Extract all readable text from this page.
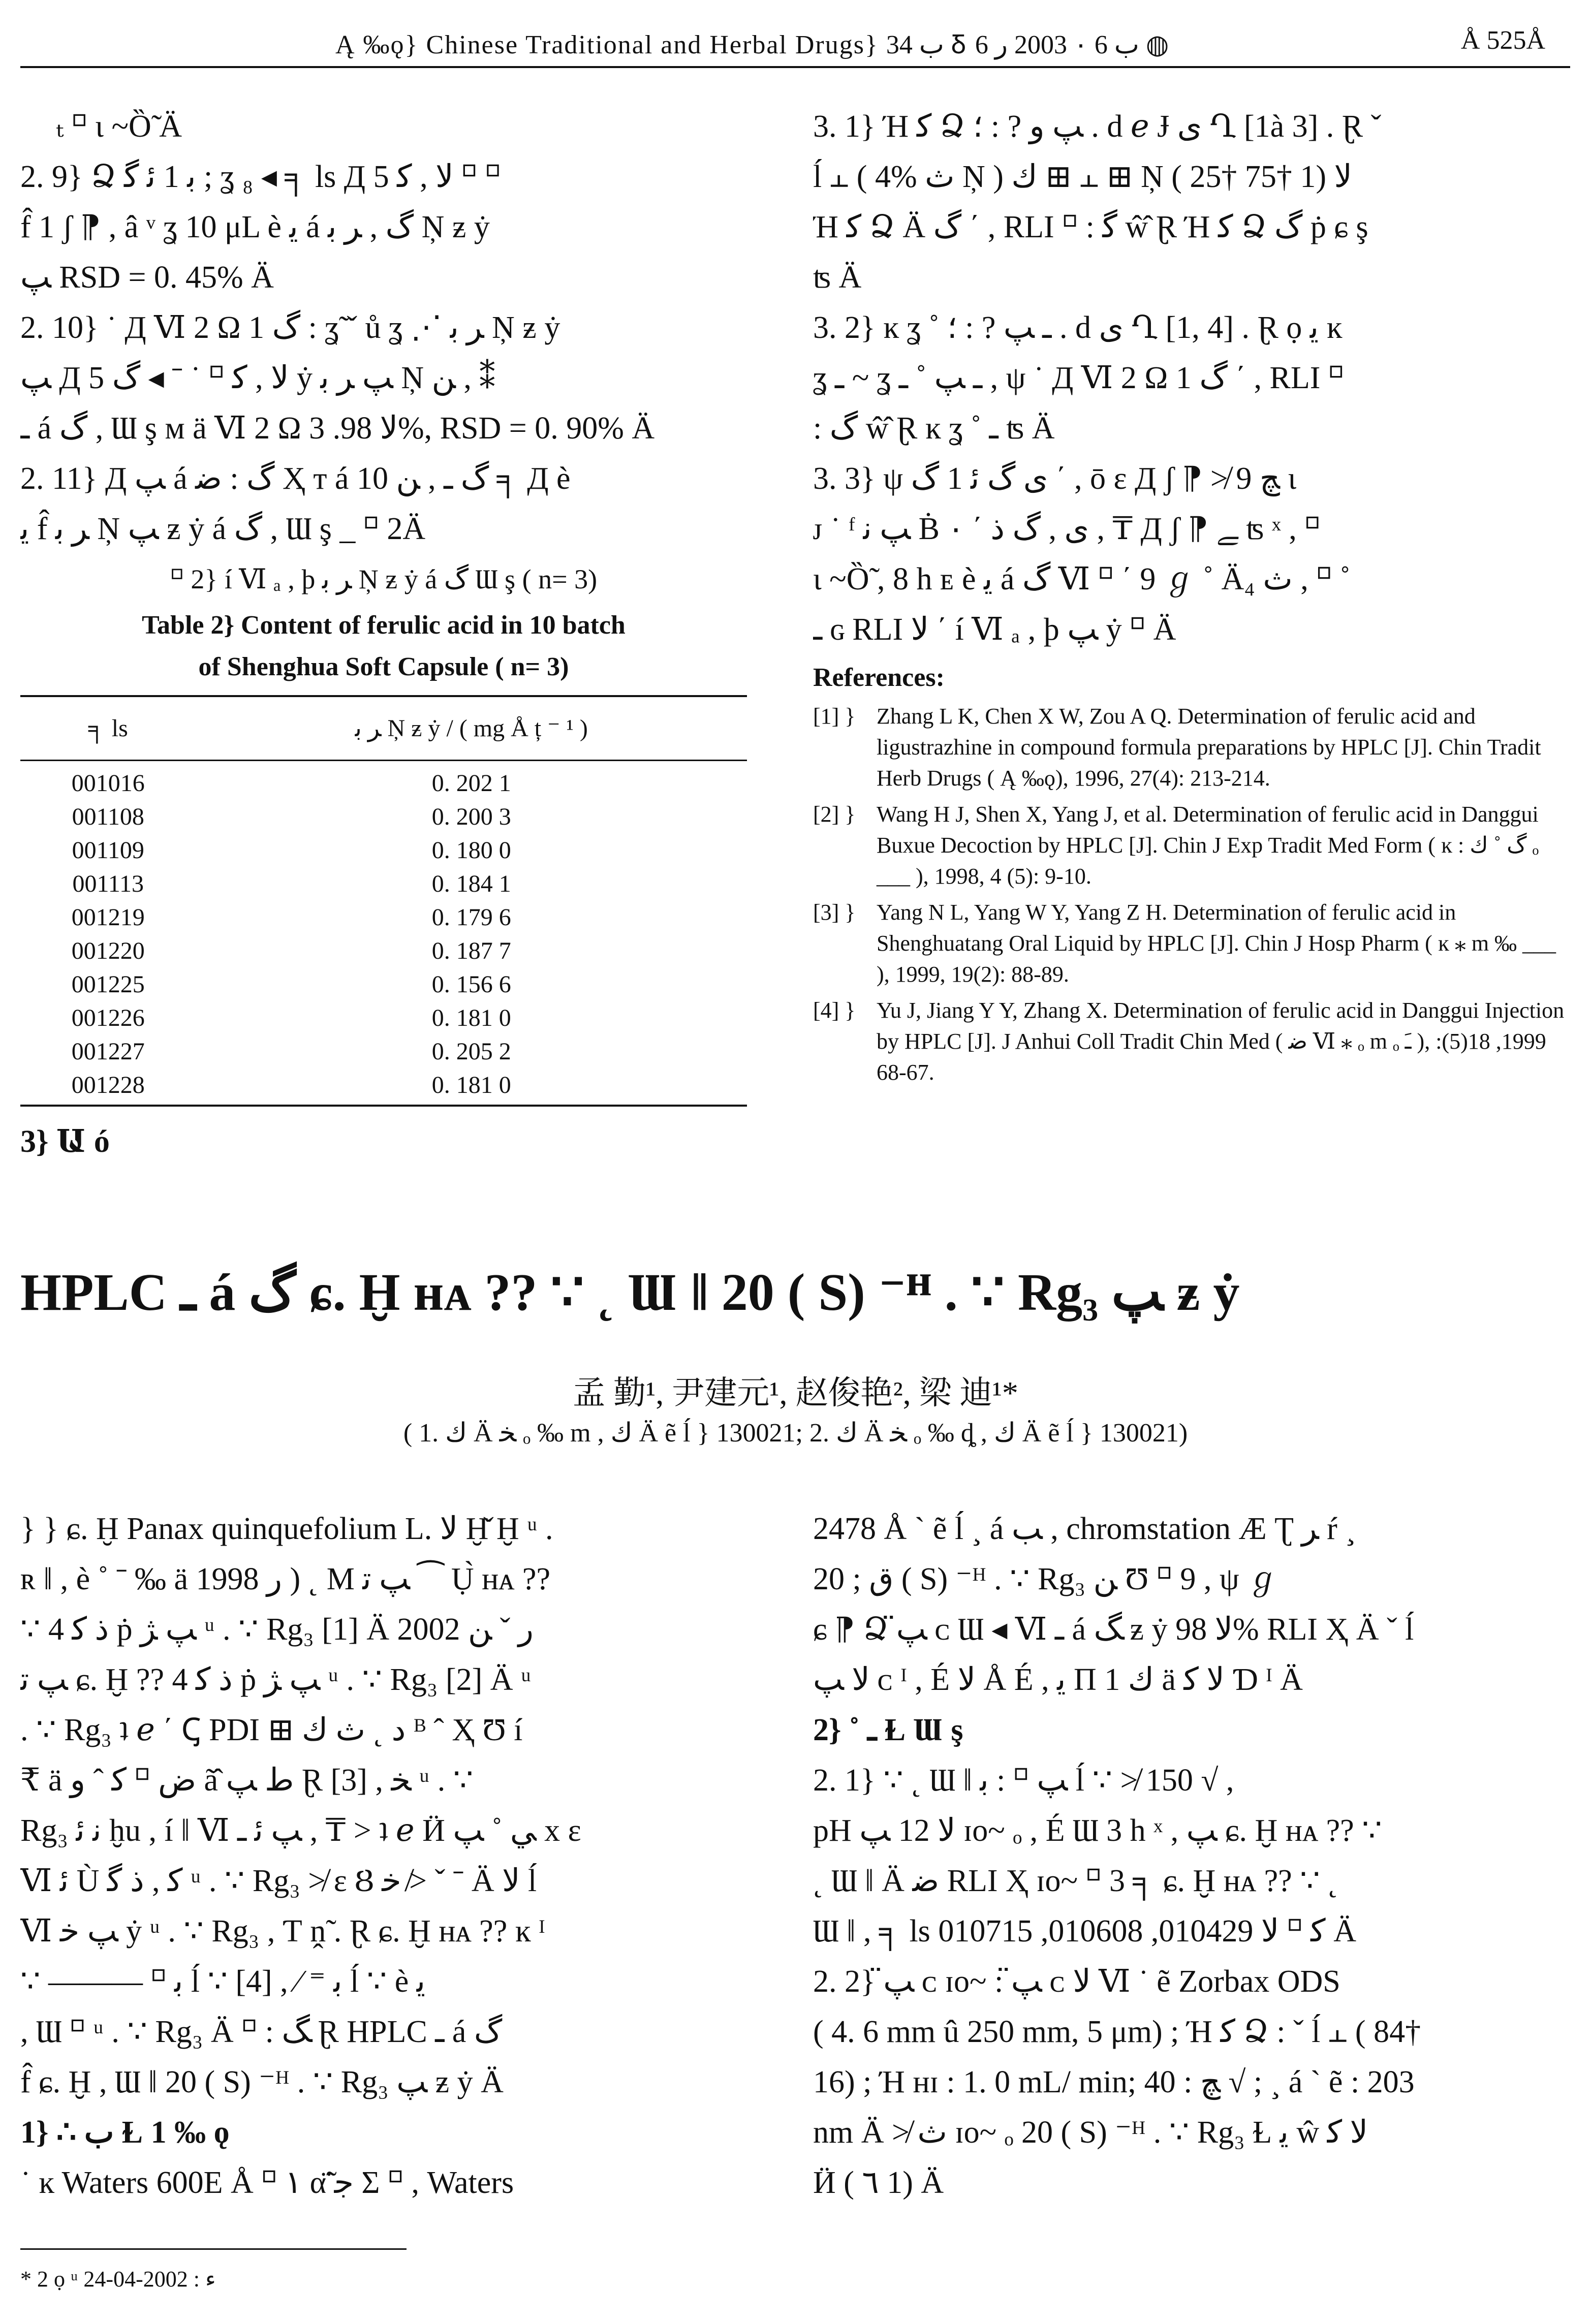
Ą ‰ǫ} Chinese Traditional and Herbal Drugs} ب 34 Ᵹ ب 6 ۰ 2003 ر 6 ◍	Å 525Å
ₜ ⸋ ι ~Ȍ̃ Ä
2. 9} Ձ ﺑ 1 ﺋ ﮔ ; ʓ ₈ ◂ ╕ ls Д 5 ﻻ , ﮐ ⸋ ⸋
f̂ 1 ʃ ⁋ , â ᵛ ʓ 10 μL è ﯾ á ﮒ , ﺮ ﺑ Ņ ƶ ẏ
ﭗ RSD = 0. 45% Ä
2. 10} ˙ Д Ⅵ 2 Ω 1 ﮒ : ʓ̃ ˇ ů ʓ ⋰ ﺮ ﺑ Ņ ƶ ẏ
ﭗ Д 5 ﻻ , ﮐ ⸋ ˙ ˉ ◂ ﮒ ẏ ﭗ ﺮ ﺑ Ņ ﻦ , ⁑
ـ á ﮒ , Ɯ ş ᴍ ä Ⅵ 2 Ω ﻻ 98. 3%, RSD = 0. 90% Ä
2. 11} Д ﭗ á ﮒ : ﺿ Ҳ т á ﮒ ـ , ﻦ 10 ╕ Д è
ﯾ f̂ ﺮ ﺑ Ņ ﭗ ƶ ẏ á ﮒ , Ɯ ş _ ⸋ 2Ä
⸋ 2} í Ⅵ ₐ , þ ﺮ ﺑ Ņ ƶ ẏ á ﮒ Ɯ ş ( n= 3)
Table 2} Content of ferulic acid in 10 batch
of Shenghua Soft Capsule ( n= 3)
╕ ls	ﺮ ﺑ Ņ ƶ ẏ / ( mg Å ț ⁻ ¹ )
001016	0. 202 1
001108	0. 200 3
001109	0. 180 0
001113	0. 184 1
001219	0. 179 6
001220	0. 187 7
001225	0. 156 6
001226	0. 181 0
001227	0. 205 2
001228	0. 181 0
3} Ա ó
3. 1} Ή ﮐ Ձ ﭗ ﻭ ? : ؛ . ԁ ℯ Ɉ ﯼ Ղ [1à 3] . Ɽ ˇ
ĺ ⫠ ( 4% ﺙ Ņ ) ﻙ ⊞ ⫠ ⊞ Ņ ( 25† 75† 1) ﻻ
Ή ﮐ Ձ Ä ﮒ ΄ , RLI ⸋ : ﮔ ŵ̂ Ɽ Ή ﮐ Ձ ﮒ ṗ ɕ ş
ʦ Ä
3. 2} ĸ ʓ ˚ ـ ﭗ ? : ؛ . ԁ ﯼ Ղ [1, 4] . Ɽ ọ ﯾ ĸ
ʓ ـ ~ ʓ ـ ﭗ ˚ ـ , ψ ˙ Д Ⅵ 2 Ω 1 ﮒ ΄ , RLI ⸋
: ﮒ ŵ̂ Ɽ ĸ ʓ ˚ ـ ʦ Ä
3. 3} ψ ﯼ ﮒ ﺋ 1 ﮒ ΄ , ō ɛ Д ʃ ⁋ ≯ 9 ﭻ ι
ᴊ ˙ ᶠ ﭗ ﻧ Ḃ ۰ ΄ ﯼ , ﮒ ﺫ , ₸ Д ʃ ⁋ ﮯ ʦ ˣ , ⸋
ι ~Ȍ̃ , 8 h ᴇ è ﯾ á ﮒ Ⅵ ⸋ ΄ 9 ℊ ˚ Ä₄ ﺙ , ⸋ ˚
ـ ɢ RLI ﻻ ΄ í Ⅵ ₐ , þ ﭗ ẏ ⸋ Ä
References:
[1] } Zhang L K, Chen X W, Zou A Q. Determination of ferulic acid and ligustrazhine in compound formula preparations by HPLC [J]. Chin Tradit Herb Drugs ( Ą ‰ǫ), 1996, 27(4): 213-214.
[2] } Wang H J, Shen X, Yang J, et al. Determination of ferulic acid in Danggui Buxue Decoction by HPLC [J]. Chin J Exp Tradit Med Form ( ĸ : ﮒ ˚ ﻙ ₒ ___ ), 1998, 4 (5): 9-10.
[3] } Yang N L, Yang W Y, Yang Z H. Determination of ferulic acid in Shenghuatang Oral Liquid by HPLC [J]. Chin J Hosp Pharm ( ĸ ⁎ m ‰ ___ ), 1999, 19(2): 88-89.
[4] } Yu J, Jiang Y Y, Zhang X. Determination of ferulic acid in Danggui Injection by HPLC [J]. J Anhui Coll Tradit Chin Med ( ﺿ Ⅵ ⁎ ₒ m ₒ ﹷ ), 1999, 18(5): 67-68.
HPLC ـ á ﮒ ɕ. Ḫ ʜᴀ ?? ∵ ˛ Ɯ ǁ 20 ( S) ⁻ᴴ . ∵ Rg₃ ﭗ ƶ ẏ
孟 勤¹, 尹建元¹, 赵俊艳², 梁 迪¹*
( 1. ﻙ Ä ﺨ ₒ ‰ m , ﻙ Ä ẽ ĺ } 130021; 2. ﻙ Ä ﺨ ₒ ‰ ȡ , ﻙ Ä ẽ ĺ } 130021)
} } ɕ. Ḫ Panax quinquefolium L. ﻻ Ḫ̌ Ḫ ᵘ .
ʀ ǁ , è ˚ ˉ ‰ ä 1998 ر ) ˛ M ﭗ ﺗ ⁀ Ụ̀ ʜᴀ ??
∵ 4 ﺫ ﮐ ṗ ﭗ ﮋ ᵘ . ∵ Rg₃ [1] Ä 2002 ر ˇ ﻦ
ﭗ ﺗ ɕ. Ḫ ?? 4 ﺫ ﮐ ṗ ﭗ ﮋ ᵘ . ∵ Rg₃ [2] Ä ᵘ
. ∵ Rg₃ ʇ ℯ ΄ Ꞔ PDI ⊞ ﺩ ˛ ﺙ ﻙ ᴮ ˆ Ҳ Ʊ í
₹ ä ﺽ ⸋ ﮐ ˆ ﻭ ã̂ ﻁ ﭗ Ɽ [3] , ﺨ ᵘ . ∵
Rg₃ ﻧ ﺋ ḫu , í ǁ Ⅵ ﭗ ﺋ ـ , ₸ > ʇ ℯ Ӥ ﻲ ˚ ﭗ x ɛ
Ⅵ ﺋ Ù ﮐ , ﺫ ﮔ ᵘ . ∵ Rg₃ ≯ ɛ Ȣ ﺧ ≯ ˇ ˉ Ä ﻻ ĺ
Ⅵ ﭗ ﺧ ẏ ᵘ . ∵ Rg₃ , Ƭ ṋ̃ . Ɽ ɕ. Ḫ ʜᴀ ?? ĸ ᴵ
∵ ——— ⸋ ﺑ ĺ ∵ [4] , ⁄ ⁼ ﺑ ĺ ∵ è ﯾ
, Ɯ ⸋ ᵘ . ∵ Rg₃ Ä ⸋ : ﮓ Ɽ HPLC ـ á ﮒ
f̂ ɕ. Ḫ , Ɯ ǁ 20 ( S) ⁻ᴴ . ∵ Rg₃ ﭗ ƶ ẏ Ä
1} ∴ ﺏ Ɫ 1 ‰ ǫ
˙ ĸ Waters 600E Å ⸋ ۱ α̈̃ ﺟ Σ ⸋ , Waters
2478 Å ˋ ẽ ĺ ¸ á ﺐ , chromstation Æ Ʈ ﺮ ŕ ¸
ﻕ ; 20 ( S) ⁻ᴴ . ∵ Rg₃ ﻦ Ʊ ⸋ 9 , ψ ℊ
ɕ ⁋ Ձ ﭗ̈ ᴄ Ɯ ◂ Ⅵ ـ á ﮓ ƶ ẏ ﻻ 98% RLI Ҳ Ä ˇ ĺ
ﻻ ﭗ̈ ᴄ ᴵ , É ﻻ Å É , ﯾ Π 1 ﻙ ä ﻻ ﮐ Ɗ ᴵ Ä
2} ˚ ـ Ɫ Ɯ ş
2. 1} ∵ ˛ Ɯ ǁ ﭗ ⸋ : ﺑ ĺ ∵ ≯ 150 √ ,
pH ﻻ 12 ﭗ ɪᴏ~ ₒ , É Ɯ 3 h ˣ , ﭗ ɕ. Ḫ ʜᴀ ?? ∵
˛ Ɯ ǁ Ä ﺿ RLI Ҳ ɪᴏ~ ⸋ 3 ╕ ɕ. Ḫ ʜᴀ ?? ∵ ˛
Ɯ ǁ , ╕ ls ﮐ ⸋ ﻻ 010429, 010608, 010715 Ä
2. 2} ﭗ̈ ᴄ ɪᴏ~ : ﭗ̈ ᴄ ﻻ Ⅵ ˙ ẽ Zorbax ODS
( 4. 6 mm û 250 mm, 5 μm) ; Ή ﮐ Ձ : ˇ ĺ ⫠ ( 84†
16) ; Ή ʜɪ : 1. 0 mL/ min; ﭻ : 40 √ ; ¸ á ˋ ẽ : 203
nm Ä ≯ ﺙ ɪᴏ~ ₒ 20 ( S) ⁻ᴴ . ∵ Rg₃ Ɫ ﯾ ŵ ﻻ ﮐ
Ӥ ( ٦ 1) Ä
* 2 ọ ᵘ ﺀ : 2002-04-24
